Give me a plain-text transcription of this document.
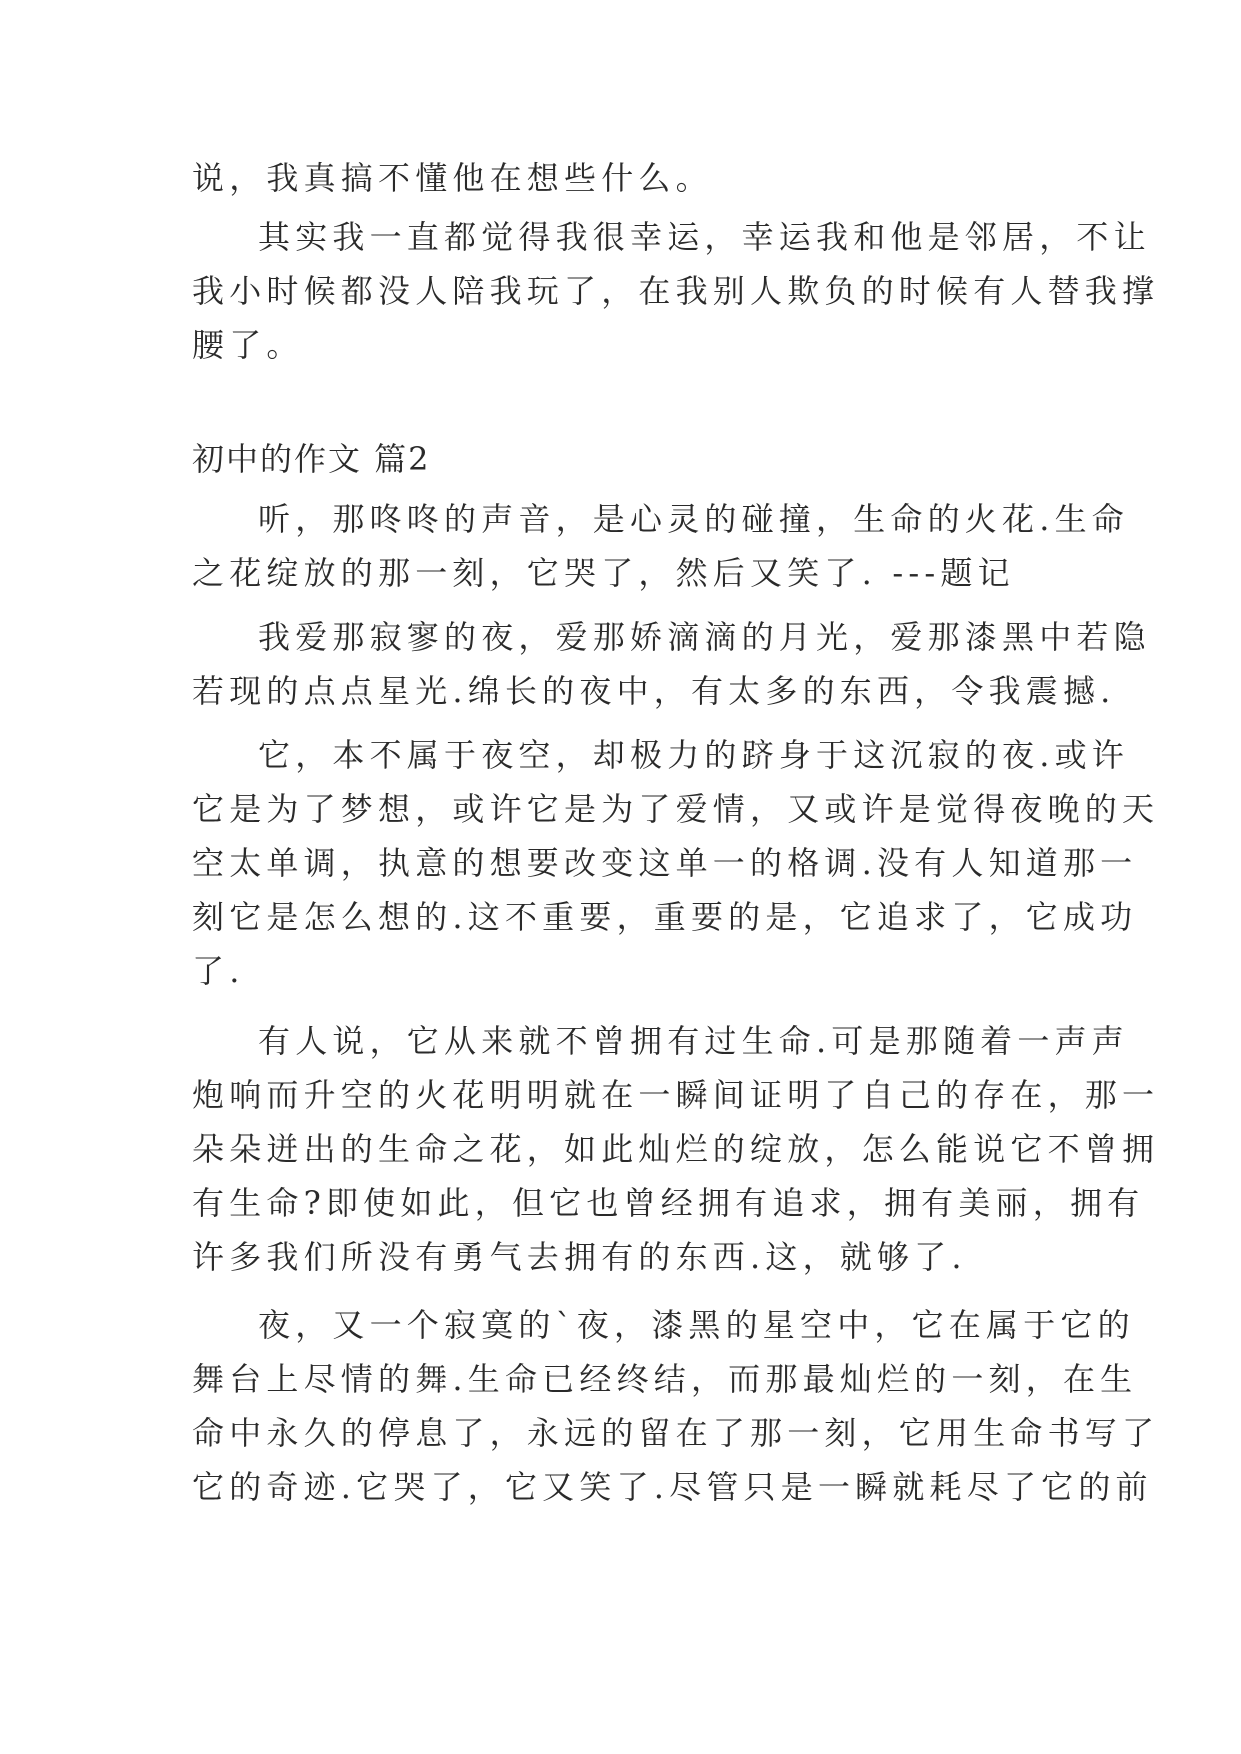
说，我真搞不懂他在想些什么。
其实我一直都觉得我很幸运，幸运我和他是邻居，不让
我小时候都没人陪我玩了，在我别人欺负的时候有人替我撑
腰了。
初中的作文 篇2
听，那咚咚的声音，是心灵的碰撞，生命的火花.生命
之花绽放的那一刻，它哭了，然后又笑了. ---题记
我爱那寂寥的夜，爱那娇滴滴的月光，爱那漆黑中若隐
若现的点点星光.绵长的夜中，有太多的东西，令我震撼.
它，本不属于夜空，却极力的跻身于这沉寂的夜.或许
它是为了梦想，或许它是为了爱情，又或许是觉得夜晚的天
空太单调，执意的想要改变这单一的格调.没有人知道那一
刻它是怎么想的.这不重要，重要的是，它追求了，它成功
了.
有人说，它从来就不曾拥有过生命.可是那随着一声声
炮响而升空的火花明明就在一瞬间证明了自己的存在，那一
朵朵迸出的生命之花，如此灿烂的绽放，怎么能说它不曾拥
有生命?即使如此，但它也曾经拥有追求，拥有美丽，拥有
许多我们所没有勇气去拥有的东西.这，就够了.
夜，又一个寂寞的`夜，漆黑的星空中，它在属于它的
舞台上尽情的舞.生命已经终结，而那最灿烂的一刻，在生
命中永久的停息了，永远的留在了那一刻，它用生命书写了
它的奇迹.它哭了，它又笑了.尽管只是一瞬就耗尽了它的前
